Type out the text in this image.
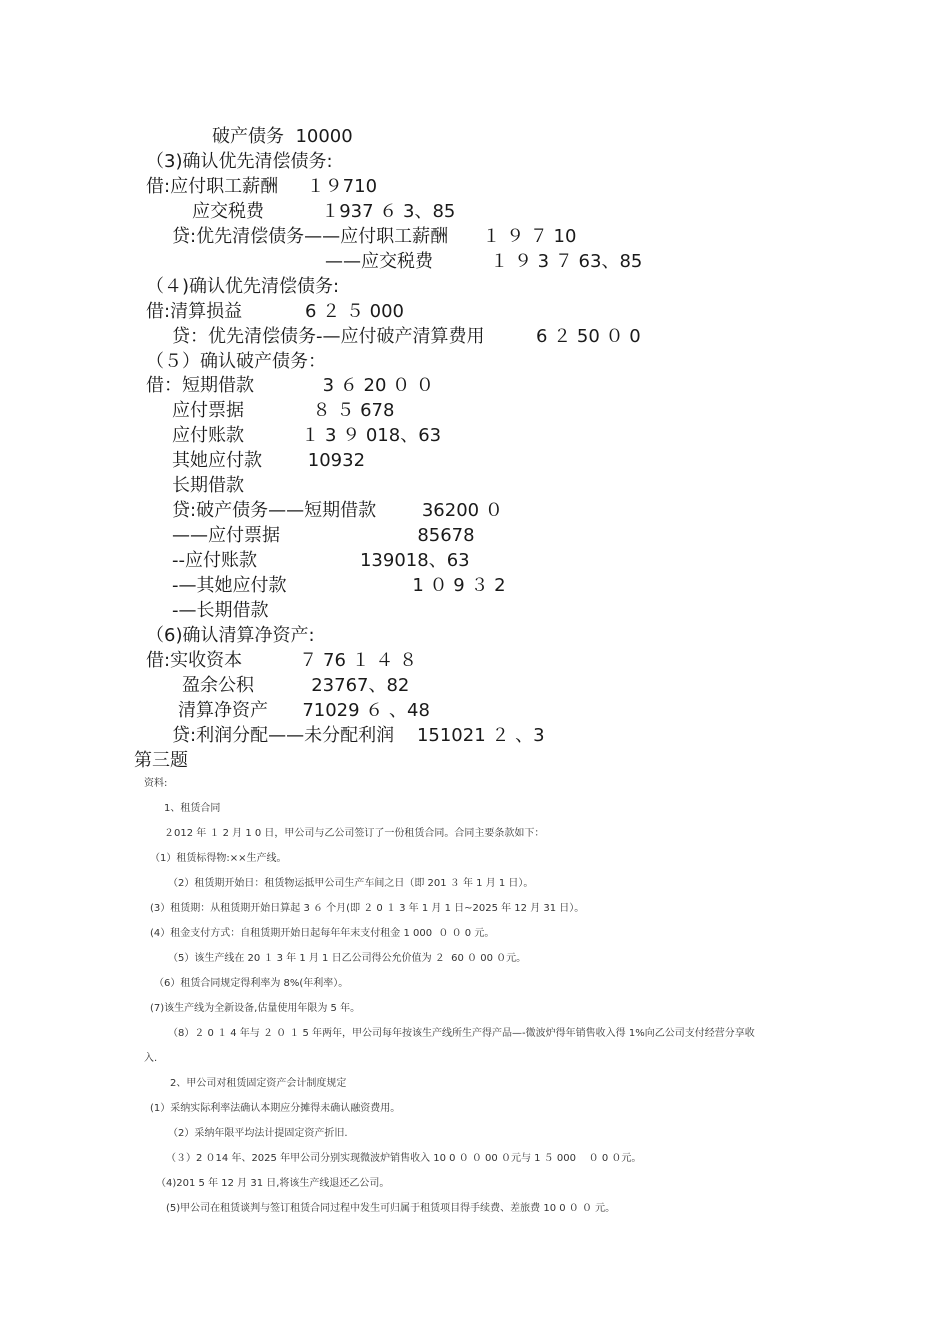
破产债务  10000
（3)确认优先清偿债务:
借:应付职工薪酬     １９710
应交税费          １937 ６ 3、85
贷:优先清偿债务——应付职工薪酬      １ ９ ７ 10
——应交税费          １ ９ 3 ７ 63、85
（４)确认优先清偿债务:
借:清算损益           6 ２ ５ 000
贷：优先清偿债务-—应付破产清算费用         6 ２ 50 ０ 0
（５）确认破产债务：
借：短期借款            3 ６ 20 ０ ０
应付票据            ８ ５ 678
应付账款          １ 3 ９ 018、63
其她应付款        10932
长期借款
贷:破产债务——短期借款        36200 ０
——应付票据                        85678
--应付账款                  139018、63
-—其她应付款                      1 ０ 9 ３ 2
-—长期借款
（6)确认清算净资产:
借:实收资本          ７ 76 １ ４ ８
盈余公积          23767、82
清算净资产      71029 ６ 、48
贷:利润分配——未分配利润    151021 ２ 、3
第三题
资料:
1、租赁合同
２012 年 １ 2 月 1 0 日，甲公司与乙公司签订了一份租赁合同。合同主要条款如下：
（1）租赁标得物:××生产线。
（2）租赁期开始日：租赁物运抵甲公司生产车间之日（即 201 ３ 年 1 月 1 日）。
(3）租赁期：从租赁期开始日算起 3 ６ 个月(即 ２ 0 １ 3 年 1 月 1 日~2025 年 12 月 31 日）。
(4）租金支付方式：自租赁期开始日起每年年末支付租金 1 000  ０ ０ 0 元。
（5）该生产线在 20 １ 3 年 1 月 1 日乙公司得公允价值为 ２  60 ０ 00 ０元。
（6）租赁合同规定得利率为 8%(年利率）。
(7)该生产线为全新设备,估量使用年限为 5 年。
（8）２ 0 １ 4 年与 ２ ０ １ 5 年两年，甲公司每年按该生产线所生产得产品—-微波炉得年销售收入得 1%向乙公司支付经营分享收
入.
2、甲公司对租赁固定资产会计制度规定
(1）采纳实际利率法确认本期应分摊得未确认融资费用。
（2）采纳年限平均法计提固定资产折旧.
（３）2 ０14 年、2025 年甲公司分别实现微波炉销售收入 10 0 ０ ０ 00 ０元与 1 ５ 000    ０ 0 ０元。
（4)201 5 年 12 月 31 日,将该生产线退还乙公司。
(5)甲公司在租赁谈判与签订租赁合同过程中发生可归属于租赁项目得手续费、差旅费 10 0 ０ ０ 元。
